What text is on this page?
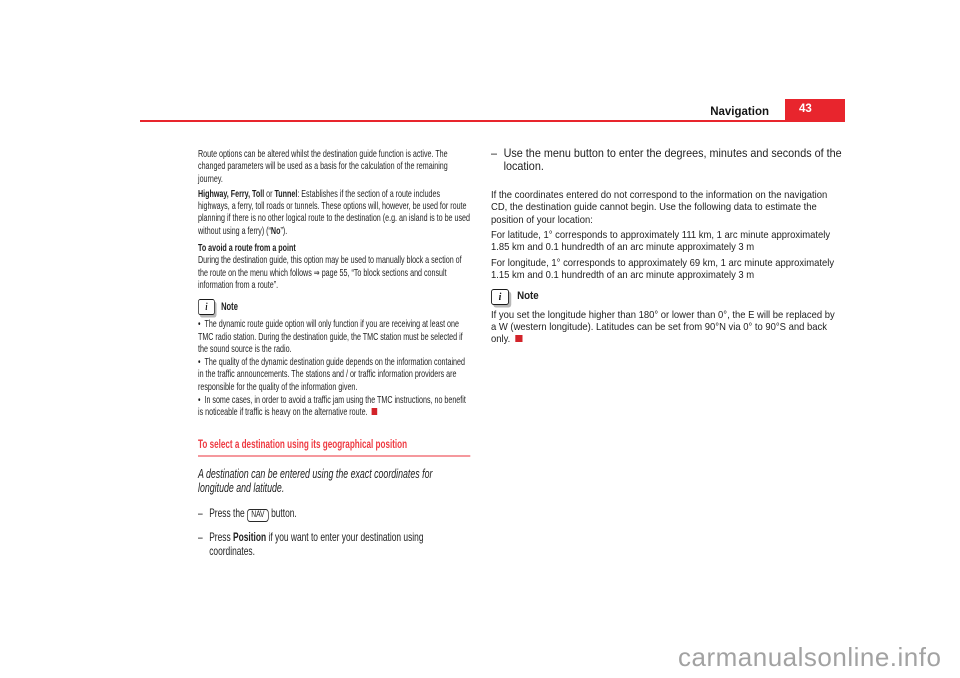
Navigation	43

Route options can be altered whilst the destination guide function is active. The changed parameters will be used as a basis for the calculation of the remaining journey.

Highway, Ferry, Toll or Tunnel: Establishes if the section of a route includes highways, a ferry, toll roads or tunnels. These options will, however, be used for route planning if there is no other logical route to the destination (e.g. an island is to be used without using a ferry) (“No”).

To avoid a route from a point

During the destination guide, this option may be used to manually block a section of the route on the menu which follows ⇒ page 55, “To block sections and consult information from a route”.

i	Note

•  The dynamic route guide option will only function if you are receiving at least one TMC radio station. During the destination guide, the TMC station must be selected if the sound source is the radio.

•  The quality of the dynamic destination guide depends on the information contained in the traffic announcements. The stations and / or traffic information providers are responsible for the quality of the information given.

•  In some cases, in order to avoid a traffic jam using the TMC instructions, no benefit is noticeable if traffic is heavy on the alternative route.

To select a destination using its geographical position

A destination can be entered using the exact coordinates for longitude and latitude.

– Press the NAV button.

– Press Position if you want to enter your destination using coordinates.

– Use the menu button to enter the degrees, minutes and seconds of the location.

If the coordinates entered do not correspond to the information on the navigation CD, the destination guide cannot begin. Use the following data to estimate the position of your location:

For latitude, 1° corresponds to approximately 111 km, 1 arc minute approximately 1.85 km and 0.1 hundredth of an arc minute approximately 3 m

For longitude, 1° corresponds to approximately 69 km, 1 arc minute approximately 1.15 km and 0.1 hundredth of an arc minute approximately 3 m

i	Note

If you set the longitude higher than 180° or lower than 0°, the E will be replaced by a W (western longitude). Latitudes can be set from 90°N via 0° to 90°S and back only.

carmanualsonline.info
